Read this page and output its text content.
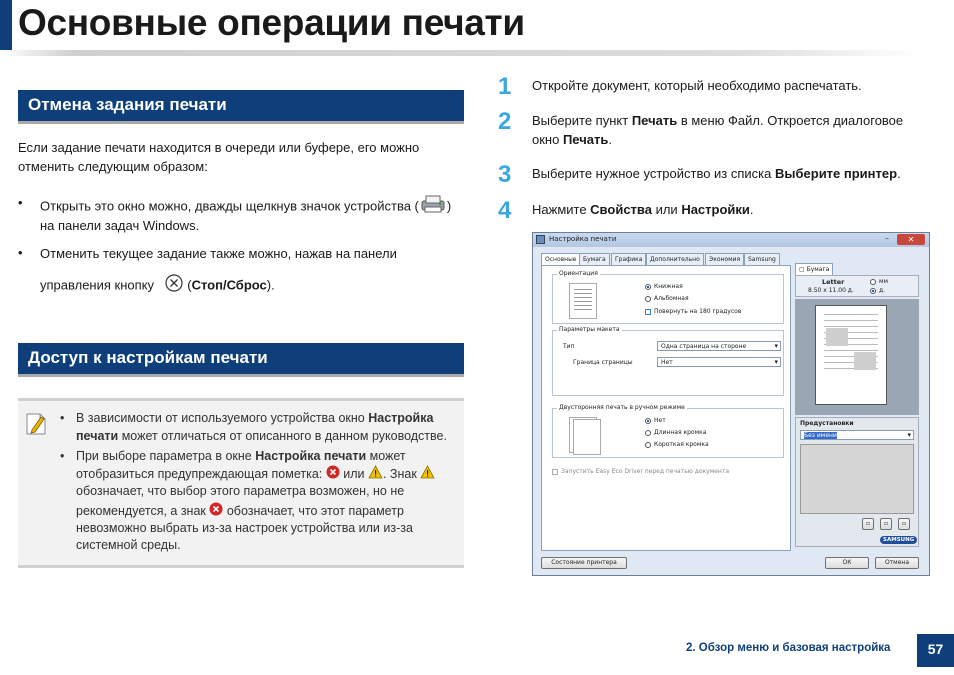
Основные операции печати
Отмена задания печати
Если задание печати находится в очереди или буфере, его можно
отменить следующим образом:
• Открыть это окно можно, дважды щелкнув значок устройства ( )
на панели задач Windows.
• Отменить текущее задание также можно, нажав на панели
управления кнопку	(Стоп/Сброс).
Доступ к настройкам печати
• В зависимости от используемого устройства окно Настройка
печати может отличаться от описанного в данном руководстве.
• При выборе параметра в окне Настройка печати может
отобразиться предупреждающая пометка: или . Знак
обозначает, что выбор этого параметра возможен, но не
рекомендуется, а знак обозначает, что этот параметр
невозможно выбрать из-за настроек устройства или из-за
системной среды.
1 Откройте документ, который необходимо распечатать.
2 Выберите пункт Печать в меню Файл. Откроется диалоговое
окно Печать.
3 Выберите нужное устройство из списка Выберите принтер.
4 Нажмите Свойства или Настройки.
Настройка печати	–	✕
Основные	Бумага	Графика	Дополнительно	Экономия	Samsung
Ориентация
Книжная
Альбомная
Повернуть на 180 градусов
Параметры макета
Тип	Одна страница на стороне ▾
Граница страницы	Нет ▾
Двусторонняя печать в ручном режиме
Нет
Длинная кромка
Короткая кромка
Запустить Easy Eco Driver перед печатью документа
▢ Бумага
Letter
8.50 x 11.00 д.
мм
д.
Предустановки
Без имени ▾
▫	▫	▫
SAMSUNG
Состояние принтера	ОК	Отмена
2. Обзор меню и базовая настройка	57
